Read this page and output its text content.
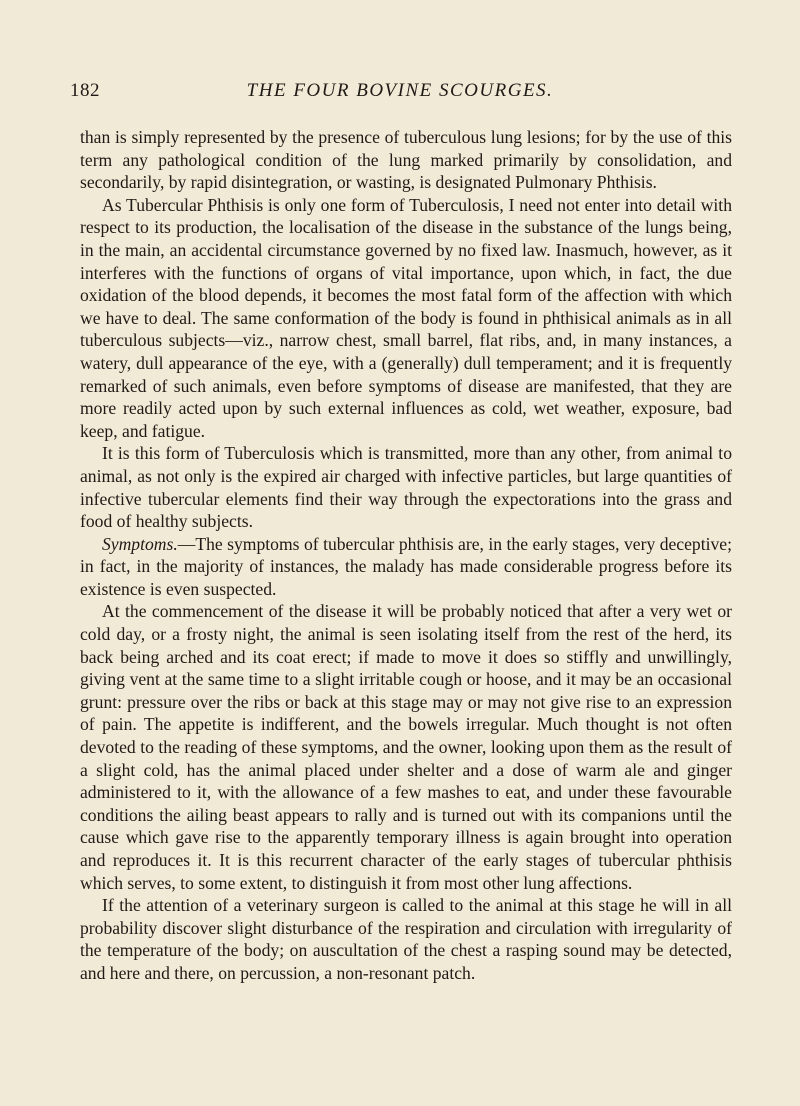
182	THE FOUR BOVINE SCOURGES.

than is simply represented by the presence of tuberculous lung lesions; for by the use of this term any pathological condition of the lung marked primarily by consolidation, and secondarily, by rapid disintegration, or wasting, is designated Pulmonary Phthisis.

As Tubercular Phthisis is only one form of Tuberculosis, I need not enter into detail with respect to its production, the localisation of the disease in the substance of the lungs being, in the main, an accidental circumstance governed by no fixed law. Inasmuch, however, as it interferes with the functions of organs of vital importance, upon which, in fact, the due oxidation of the blood depends, it becomes the most fatal form of the affection with which we have to deal. The same conformation of the body is found in phthisical animals as in all tuberculous subjects—viz., narrow chest, small barrel, flat ribs, and, in many instances, a watery, dull appearance of the eye, with a (generally) dull temperament; and it is frequently remarked of such animals, even before symptoms of disease are manifested, that they are more readily acted upon by such external influences as cold, wet weather, exposure, bad keep, and fatigue.

It is this form of Tuberculosis which is transmitted, more than any other, from animal to animal, as not only is the expired air charged with infective particles, but large quantities of infective tubercular elements find their way through the expectorations into the grass and food of healthy subjects.

Symptoms.—The symptoms of tubercular phthisis are, in the early stages, very deceptive; in fact, in the majority of instances, the malady has made considerable progress before its existence is even suspected.

At the commencement of the disease it will be probably noticed that after a very wet or cold day, or a frosty night, the animal is seen isolating itself from the rest of the herd, its back being arched and its coat erect; if made to move it does so stiffly and unwillingly, giving vent at the same time to a slight irritable cough or hoose, and it may be an occasional grunt: pressure over the ribs or back at this stage may or may not give rise to an expression of pain. The appetite is indifferent, and the bowels irregular. Much thought is not often devoted to the reading of these symptoms, and the owner, looking upon them as the result of a slight cold, has the animal placed under shelter and a dose of warm ale and ginger administered to it, with the allowance of a few mashes to eat, and under these favourable conditions the ailing beast appears to rally and is turned out with its companions until the cause which gave rise to the apparently temporary illness is again brought into operation and reproduces it. It is this recurrent character of the early stages of tubercular phthisis which serves, to some extent, to distinguish it from most other lung affections.

If the attention of a veterinary surgeon is called to the animal at this stage he will in all probability discover slight disturbance of the respiration and circulation with irregularity of the temperature of the body; on auscultation of the chest a rasping sound may be detected, and here and there, on percussion, a non-resonant patch.
